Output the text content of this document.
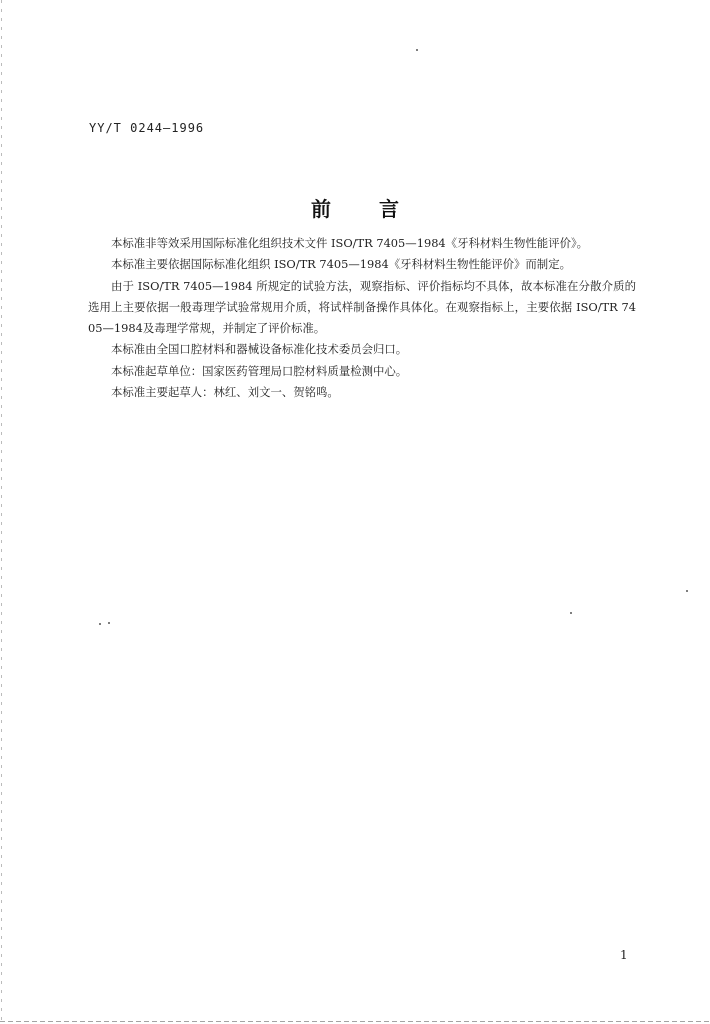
YY/T 0244—1996
前言

本标准非等效采用国际标准化组织技术文件 ISO/TR 7405—1984《牙科材料生物性能评价》。

本标准主要依据国际标准化组织 ISO/TR 7405—1984《牙科材料生物性能评价》而制定。

由于 ISO/TR 7405—1984 所规定的试验方法，观察指标、评价指标均不具体，故本标准在分散介质的选用上主要依据一般毒理学试验常规用介质，将试样制备操作具体化。在观察指标上，主要依据 ISO/TR 7405—1984及毒理学常规，并制定了评价标准。

本标准由全国口腔材料和器械设备标准化技术委员会归口。

本标准起草单位：国家医药管理局口腔材料质量检测中心。

本标准主要起草人：林红、刘文一、贺铭鸣。

1
